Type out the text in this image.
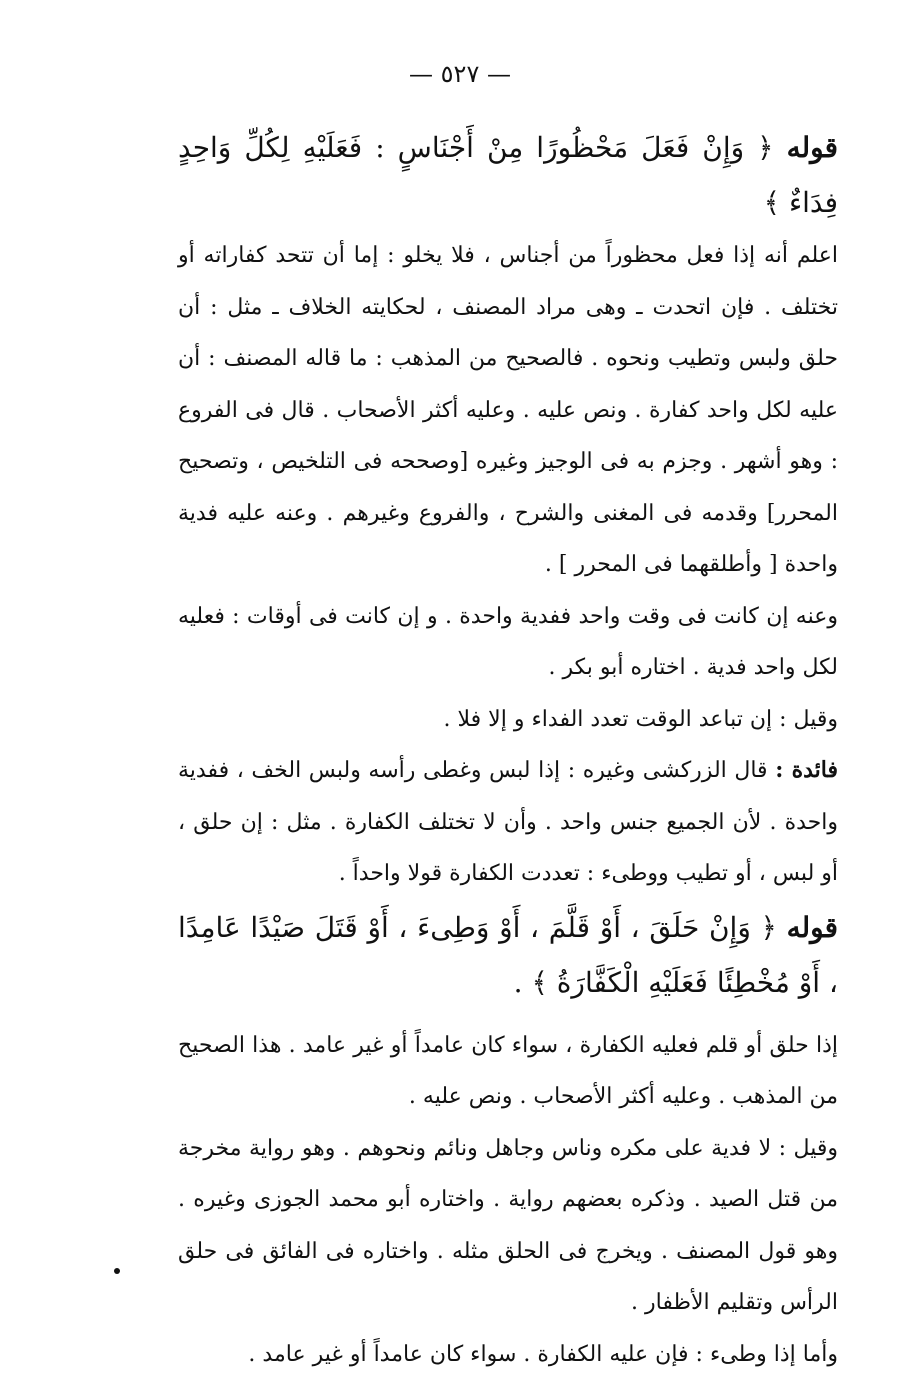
— ٥٢٧ —

قوله ﴿ وَإِنْ فَعَلَ مَحْظُورًا مِنْ أَجْنَاسٍ : فَعَلَيْهِ لِكُلِّ وَاحِدٍ فِدَاءٌ ﴾

اعلم أنه إذا فعل محظوراً من أجناس ، فلا يخلو : إما أن تتحد كفاراته أو تختلف . فإن اتحدت ـ وهى مراد المصنف ، لحكايته الخلاف ـ مثل : أن حلق ولبس وتطيب ونحوه . فالصحيح من المذهب : ما قاله المصنف : أن عليه لكل واحد كفارة . ونص عليه . وعليه أكثر الأصحاب . قال فى الفروع : وهو أشهر . وجزم به فى الوجيز وغيره [وصححه فى التلخيص ، وتصحيح المحرر] وقدمه فى المغنى والشرح ، والفروع وغيرهم . وعنه عليه فدية واحدة [ وأطلقهما فى المحرر ] .

وعنه إن كانت فى وقت واحد ففدية واحدة . و إن كانت فى أوقات : فعليه لكل واحد فدية . اختاره أبو بكر .

وقيل : إن تباعد الوقت تعدد الفداء و إلا فلا .

فائدة : قال الزركشى وغيره : إذا لبس وغطى رأسه ولبس الخف ، ففدية واحدة . لأن الجميع جنس واحد . وأن لا تختلف الكفارة . مثل : إن حلق ، أو لبس ، أو تطيب ووطىء : تعددت الكفارة قولا واحداً .

قوله ﴿ وَإِنْ حَلَقَ ، أَوْ قَلَّمَ ، أَوْ وَطِىءَ ، أَوْ قَتَلَ صَيْدًا عَامِدًا ، أَوْ مُخْطِئًا فَعَلَيْهِ الْكَفَّارَةُ ﴾ .

إذا حلق أو قلم فعليه الكفارة ، سواء كان عامداً أو غير عامد . هذا الصحيح من المذهب . وعليه أكثر الأصحاب . ونص عليه .

وقيل : لا فدية على مكره وناس وجاهل ونائم ونحوهم . وهو رواية مخرجة من قتل الصيد . وذكره بعضهم رواية . واختاره أبو محمد الجوزى وغيره . وهو قول المصنف . ويخرج فى الحلق مثله . واختاره فى الفائق فى حلق الرأس وتقليم الأظفار .

وأما إذا وطىء : فإن عليه الكفارة . سواء كان عامداً أو غير عامد .
